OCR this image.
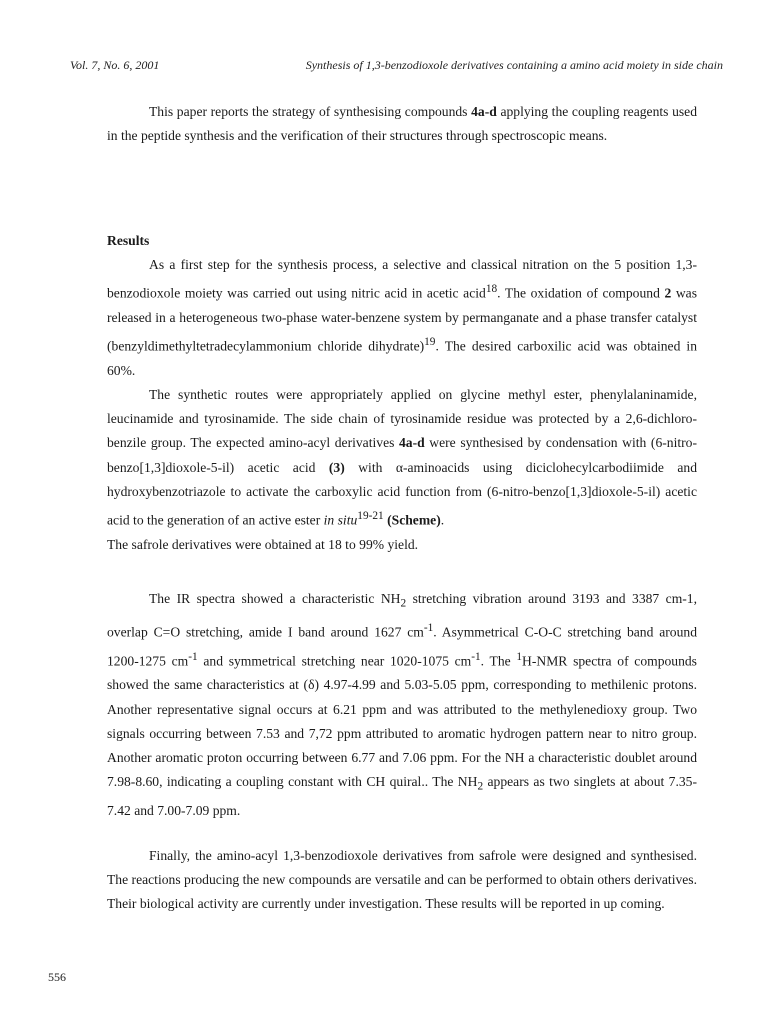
Vol. 7, No. 6, 2001	Synthesis of 1,3-benzodioxole derivatives containing a amino acid moiety in side chain

This paper reports the strategy of synthesising compounds 4a-d applying the coupling reagents used in the peptide synthesis and the verification of their structures through spectroscopic means.

Results

As a first step for the synthesis process, a selective and classical nitration on the 5 position 1,3-benzodioxole moiety was carried out using nitric acid in acetic acid$^{18}$. The oxidation of compound 2 was released in a heterogeneous two-phase water-benzene system by permanganate and a phase transfer catalyst (benzyldimethyltetradecylammonium chloride dihydrate)$^{19}$. The desired carboxilic acid was obtained in 60%.

The synthetic routes were appropriately applied on glycine methyl ester, phenylalaninamide, leucinamide and tyrosinamide. The side chain of tyrosinamide residue was protected by a 2,6-dichloro-benzile group. The expected amino-acyl derivatives 4a-d were synthesised by condensation with (6-nitro-benzo[1,3]dioxole-5-il) acetic acid (3) with α-aminoacids using diciclohecylcarbodiimide and hydroxybenzotriazole to activate the carboxylic acid function from (6-nitro-benzo[1,3]dioxole-5-il) acetic acid to the generation of an active ester in situ$^{19-21}$ (Scheme).

The safrole derivatives were obtained at 18 to 99% yield.

The IR spectra showed a characteristic $NH_2$ stretching vibration around 3193 and 3387 cm-1, overlap C=O stretching, amide I band around 1627 $cm^{-1}$. Asymmetrical C-O-C stretching band around 1200-1275 $cm^{-1}$ and symmetrical stretching near 1020-1075 $cm^{-1}$. The $^1$H-NMR spectra of compounds showed the same characteristics at (δ) 4.97-4.99 and 5.03-5.05 ppm, corresponding to methilenic protons. Another representative signal occurs at 6.21 ppm and was attributed to the methylenedioxy group. Two signals occurring between 7.53 and 7,72 ppm attributed to aromatic hydrogen pattern near to nitro group. Another aromatic proton occurring between 6.77 and 7.06 ppm. For the NH a characteristic doublet around 7.98-8.60, indicating a coupling constant with CH quiral.. The $NH_2$ appears as two singlets at about 7.35-7.42 and 7.00-7.09 ppm.

Finally, the amino-acyl 1,3-benzodioxole derivatives from safrole were designed and synthesised. The reactions producing the new compounds are versatile and can be performed to obtain others derivatives. Their biological activity are currently under investigation. These results will be reported in up coming.

556
